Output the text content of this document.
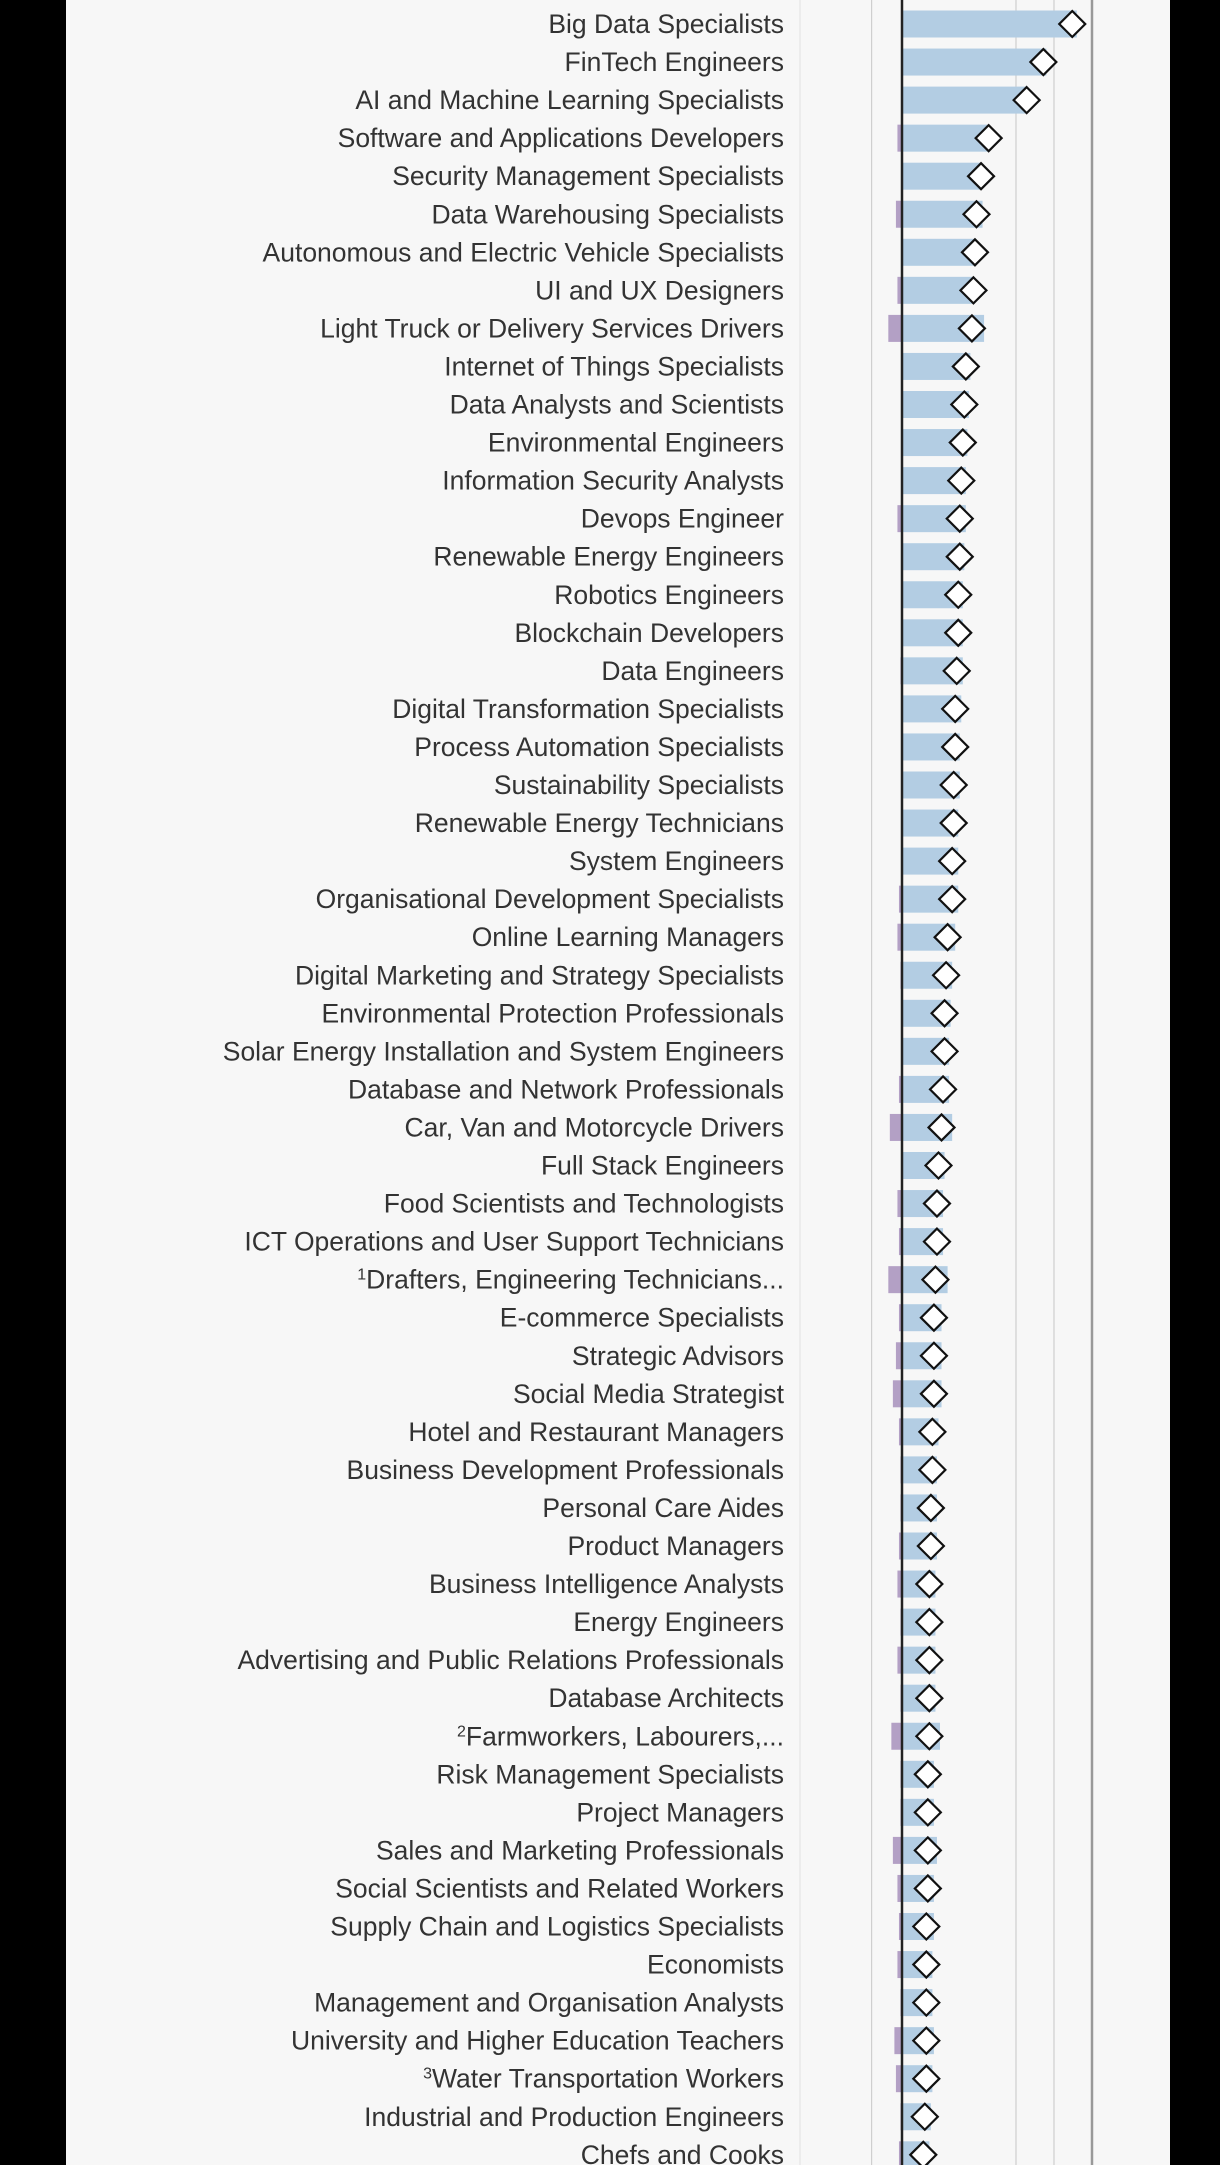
Big Data Specialists
FinTech Engineers
AI and Machine Learning Specialists
Software and Applications Developers
Security Management Specialists
Data Warehousing Specialists
Autonomous and Electric Vehicle Specialists
UI and UX Designers
Light Truck or Delivery Services Drivers
Internet of Things Specialists
Data Analysts and Scientists
Environmental Engineers
Information Security Analysts
Devops Engineer
Renewable Energy Engineers
Robotics Engineers
Blockchain Developers
Data Engineers
Digital Transformation Specialists
Process Automation Specialists
Sustainability Specialists
Renewable Energy Technicians
System Engineers
Organisational Development Specialists
Online Learning Managers
Digital Marketing and Strategy Specialists
Environmental Protection Professionals
Solar Energy Installation and System Engineers
Database and Network Professionals
Car, Van and Motorcycle Drivers
Full Stack Engineers
Food Scientists and Technologists
ICT Operations and User Support Technicians
$^1$Drafters, Engineering Technicians...
E-commerce Specialists
Strategic Advisors
Social Media Strategist
Hotel and Restaurant Managers
Business Development Professionals
Personal Care Aides
Product Managers
Business Intelligence Analysts
Energy Engineers
Advertising and Public Relations Professionals
Database Architects
$^2$Farmworkers, Labourers,...
Risk Management Specialists
Project Managers
Sales and Marketing Professionals
Social Scientists and Related Workers
Supply Chain and Logistics Specialists
Economists
Management and Organisation Analysts
University and Higher Education Teachers
$^3$Water Transportation Workers
Industrial and Production Engineers
Chefs and Cooks
